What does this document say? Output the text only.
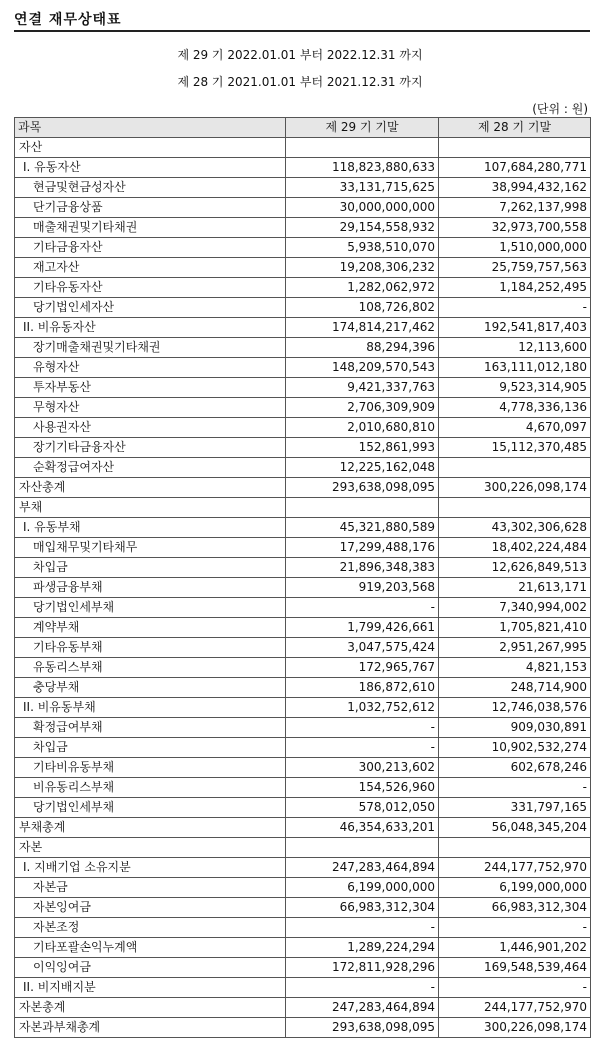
연결 재무상태표
제 29 기 2022.01.01 부터 2022.12.31 까지
제 28 기 2021.01.01 부터 2021.12.31 까지
(단위 : 원)
과목	제 29 기 기말	제 28 기 기말
자산		
I. 유동자산	118,823,880,633	107,684,280,771
현금및현금성자산	33,131,715,625	38,994,432,162
단기금융상품	30,000,000,000	7,262,137,998
매출채권및기타채권	29,154,558,932	32,973,700,558
기타금융자산	5,938,510,070	1,510,000,000
재고자산	19,208,306,232	25,759,757,563
기타유동자산	1,282,062,972	1,184,252,495
당기법인세자산	108,726,802	-
II. 비유동자산	174,814,217,462	192,541,817,403
장기매출채권및기타채권	88,294,396	12,113,600
유형자산	148,209,570,543	163,111,012,180
투자부동산	9,421,337,763	9,523,314,905
무형자산	2,706,309,909	4,778,336,136
사용권자산	2,010,680,810	4,670,097
장기기타금융자산	152,861,993	15,112,370,485
순확정급여자산	12,225,162,048	
자산총계	293,638,098,095	300,226,098,174
부채		
I. 유동부채	45,321,880,589	43,302,306,628
매입채무및기타채무	17,299,488,176	18,402,224,484
차입금	21,896,348,383	12,626,849,513
파생금융부채	919,203,568	21,613,171
당기법인세부채	-	7,340,994,002
계약부채	1,799,426,661	1,705,821,410
기타유동부채	3,047,575,424	2,951,267,995
유동리스부채	172,965,767	4,821,153
충당부채	186,872,610	248,714,900
II. 비유동부채	1,032,752,612	12,746,038,576
확정급여부채	-	909,030,891
차입금	-	10,902,532,274
기타비유동부채	300,213,602	602,678,246
비유동리스부채	154,526,960	-
당기법인세부채	578,012,050	331,797,165
부채총계	46,354,633,201	56,048,345,204
자본		
I. 지배기업 소유지분	247,283,464,894	244,177,752,970
자본금	6,199,000,000	6,199,000,000
자본잉여금	66,983,312,304	66,983,312,304
자본조정	-	-
기타포괄손익누계액	1,289,224,294	1,446,901,202
이익잉여금	172,811,928,296	169,548,539,464
II. 비지배지분	-	-
자본총계	247,283,464,894	244,177,752,970
자본과부채총계	293,638,098,095	300,226,098,174
